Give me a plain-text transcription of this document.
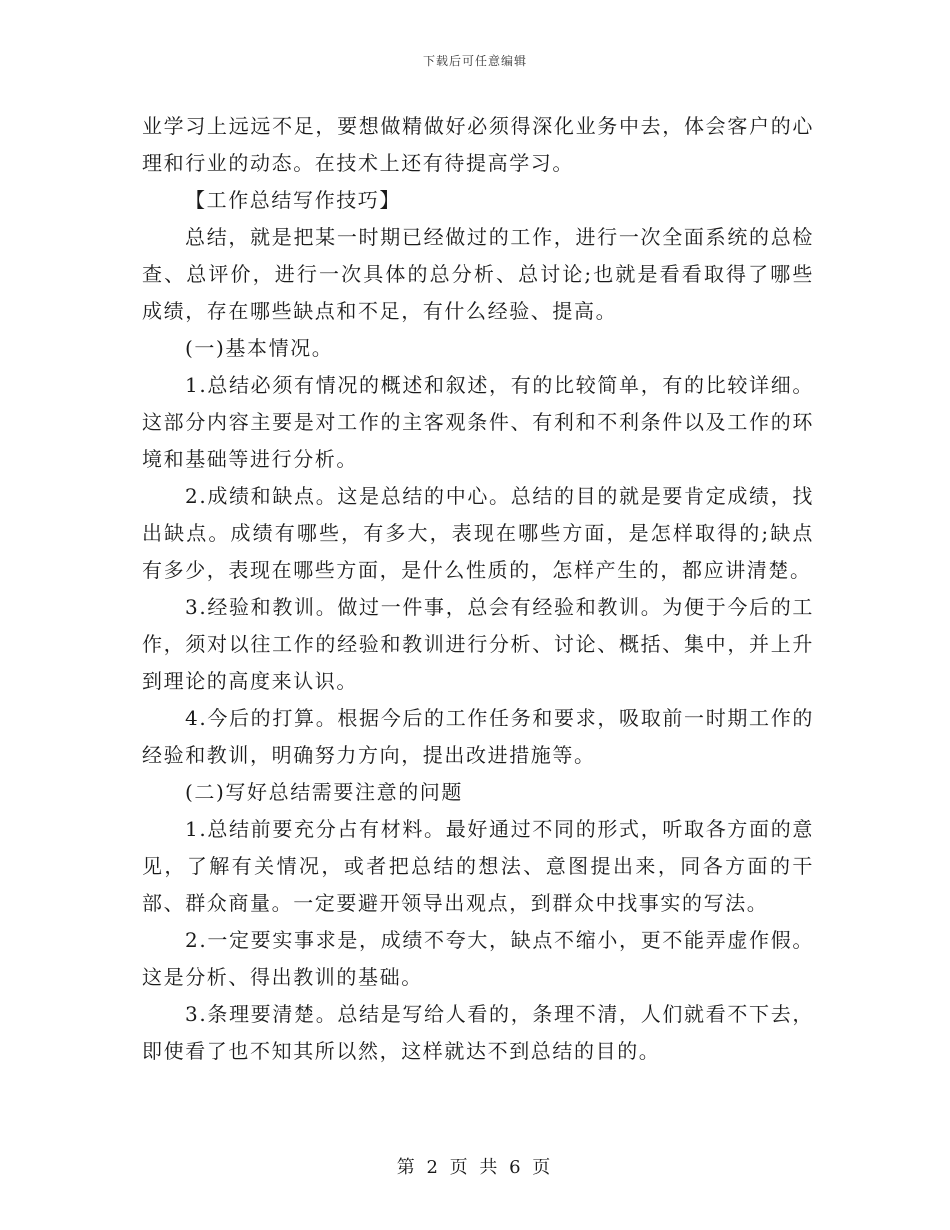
下载后可任意编辑

业学习上远远不足，要想做精做好必须得深化业务中去，体会客户的心理和行业的动态。在技术上还有待提高学习。

【工作总结写作技巧】

总结，就是把某一时期已经做过的工作，进行一次全面系统的总检查、总评价，进行一次具体的总分析、总讨论;也就是看看取得了哪些成绩，存在哪些缺点和不足，有什么经验、提高。

(一)基本情况。

1.总结必须有情况的概述和叙述，有的比较简单，有的比较详细。这部分内容主要是对工作的主客观条件、有利和不利条件以及工作的环境和基础等进行分析。

2.成绩和缺点。这是总结的中心。总结的目的就是要肯定成绩，找出缺点。成绩有哪些，有多大，表现在哪些方面，是怎样取得的;缺点有多少，表现在哪些方面，是什么性质的，怎样产生的，都应讲清楚。

3.经验和教训。做过一件事，总会有经验和教训。为便于今后的工作，须对以往工作的经验和教训进行分析、讨论、概括、集中，并上升到理论的高度来认识。

4.今后的打算。根据今后的工作任务和要求，吸取前一时期工作的经验和教训，明确努力方向，提出改进措施等。

(二)写好总结需要注意的问题

1.总结前要充分占有材料。最好通过不同的形式，听取各方面的意见，了解有关情况，或者把总结的想法、意图提出来，同各方面的干部、群众商量。一定要避开领导出观点，到群众中找事实的写法。

2.一定要实事求是，成绩不夸大，缺点不缩小，更不能弄虚作假。这是分析、得出教训的基础。

3.条理要清楚。总结是写给人看的，条理不清，人们就看不下去，即使看了也不知其所以然，这样就达不到总结的目的。

第 2 页 共 6 页
